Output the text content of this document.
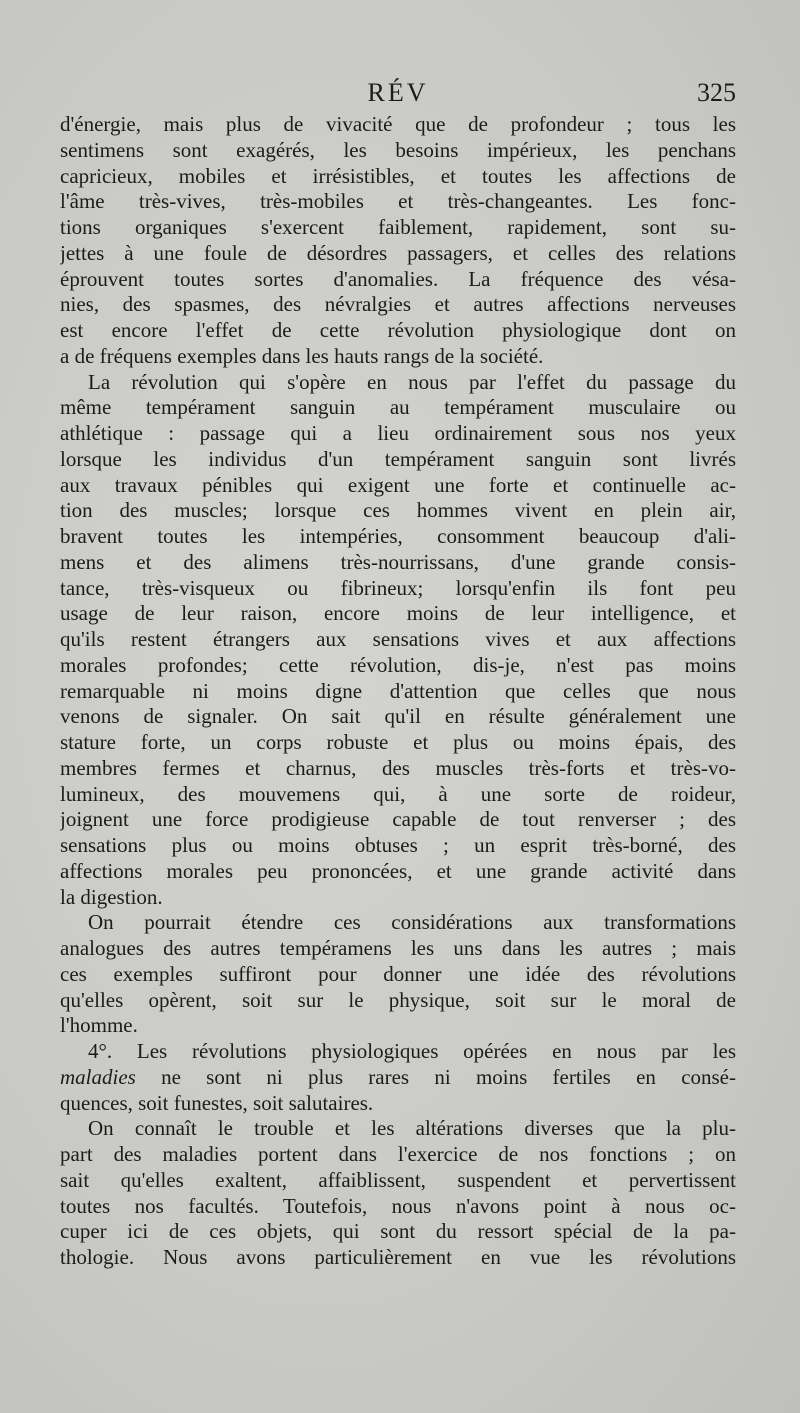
RÉV	325
d'énergie, mais plus de vivacité que de profondeur ; tous les
sentimens sont exagérés, les besoins impérieux, les penchans
capricieux, mobiles et irrésistibles, et toutes les affections de
l'âme très-vives, très-mobiles et très-changeantes. Les fonc-
tions organiques s'exercent faiblement, rapidement, sont su-
jettes à une foule de désordres passagers, et celles des relations
éprouvent toutes sortes d'anomalies. La fréquence des vésa-
nies, des spasmes, des névralgies et autres affections nerveuses
est encore l'effet de cette révolution physiologique dont on
a de fréquens exemples dans les hauts rangs de la société.
La révolution qui s'opère en nous par l'effet du passage du
même tempérament sanguin au tempérament musculaire ou
athlétique : passage qui a lieu ordinairement sous nos yeux
lorsque les individus d'un tempérament sanguin sont livrés
aux travaux pénibles qui exigent une forte et continuelle ac-
tion des muscles; lorsque ces hommes vivent en plein air,
bravent toutes les intempéries, consomment beaucoup d'ali-
mens et des alimens très-nourrissans, d'une grande consis-
tance, très-visqueux ou fibrineux; lorsqu'enfin ils font peu
usage de leur raison, encore moins de leur intelligence, et
qu'ils restent étrangers aux sensations vives et aux affections
morales profondes; cette révolution, dis-je, n'est pas moins
remarquable ni moins digne d'attention que celles que nous
venons de signaler. On sait qu'il en résulte généralement une
stature forte, un corps robuste et plus ou moins épais, des
membres fermes et charnus, des muscles très-forts et très-vo-
lumineux, des mouvemens qui, à une sorte de roideur,
joignent une force prodigieuse capable de tout renverser ; des
sensations plus ou moins obtuses ; un esprit très-borné, des
affections morales peu prononcées, et une grande activité dans
la digestion.
On pourrait étendre ces considérations aux transformations
analogues des autres tempéramens les uns dans les autres ; mais
ces exemples suffiront pour donner une idée des révolutions
qu'elles opèrent, soit sur le physique, soit sur le moral de
l'homme.
4°. Les révolutions physiologiques opérées en nous par les
maladies ne sont ni plus rares ni moins fertiles en consé-
quences, soit funestes, soit salutaires.
On connaît le trouble et les altérations diverses que la plu-
part des maladies portent dans l'exercice de nos fonctions ; on
sait qu'elles exaltent, affaiblissent, suspendent et pervertissent
toutes nos facultés. Toutefois, nous n'avons point à nous oc-
cuper ici de ces objets, qui sont du ressort spécial de la pa-
thologie. Nous avons particulièrement en vue les révolutions
